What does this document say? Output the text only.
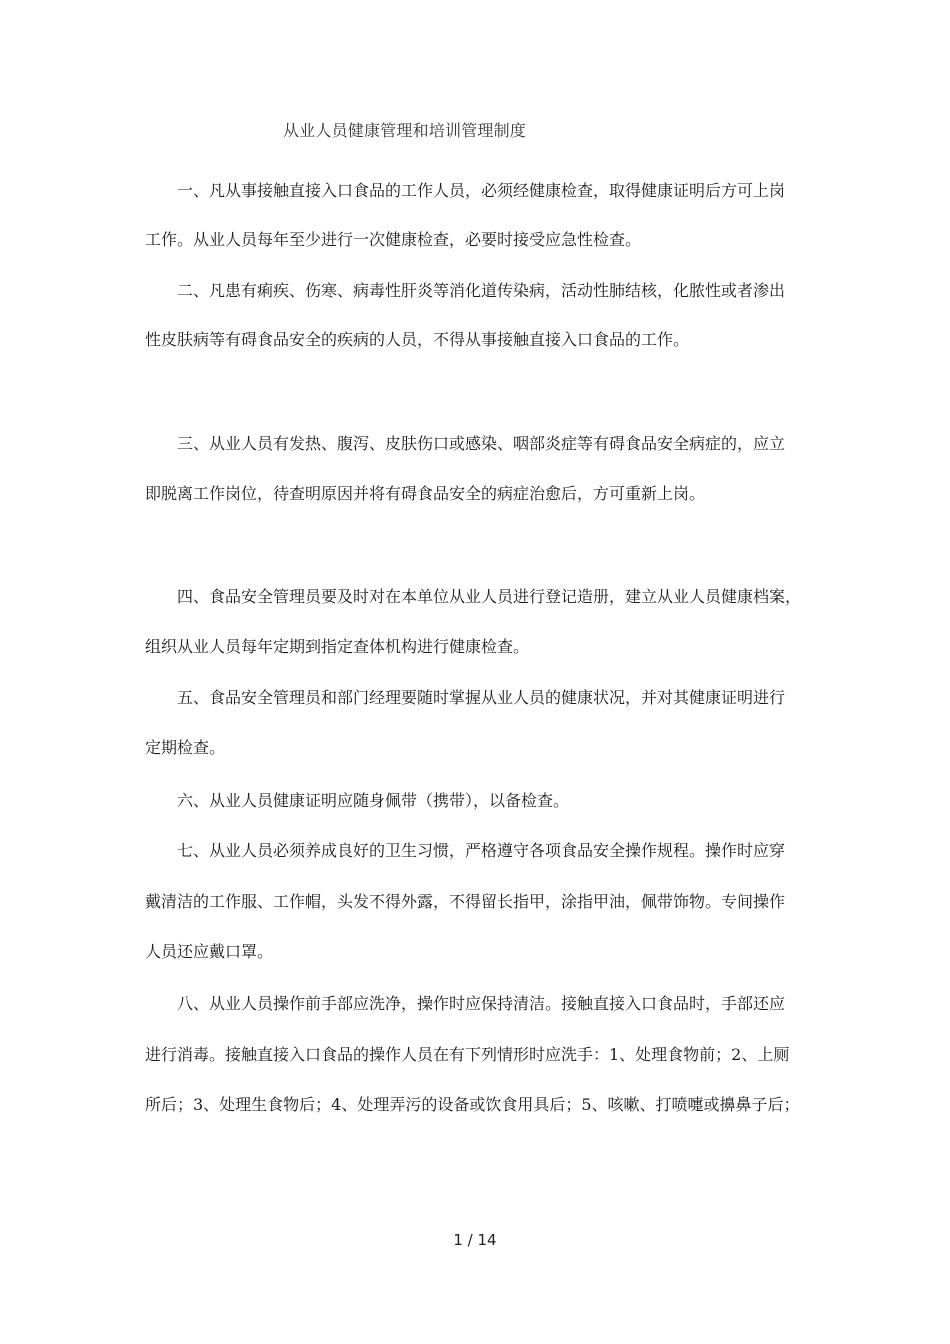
从业人员健康管理和培训管理制度
一、凡从事接触直接入口食品的工作人员，必须经健康检查，取得健康证明后方可上岗
工作。从业人员每年至少进行一次健康检查，必要时接受应急性检查。
二、凡患有痢疾、伤寒、病毒性肝炎等消化道传染病，活动性肺结核，化脓性或者渗出
性皮肤病等有碍食品安全的疾病的人员，不得从事接触直接入口食品的工作。
三、从业人员有发热、腹泻、皮肤伤口或感染、咽部炎症等有碍食品安全病症的，应立
即脱离工作岗位，待查明原因并将有碍食品安全的病症治愈后，方可重新上岗。
四、食品安全管理员要及时对在本单位从业人员进行登记造册，建立从业人员健康档案，
组织从业人员每年定期到指定查体机构进行健康检查。
五、食品安全管理员和部门经理要随时掌握从业人员的健康状况，并对其健康证明进行
定期检查。
六、从业人员健康证明应随身佩带（携带），以备检查。
七、从业人员必须养成良好的卫生习惯，严格遵守各项食品安全操作规程。操作时应穿
戴清洁的工作服、工作帽，头发不得外露，不得留长指甲，涂指甲油，佩带饰物。专间操作
人员还应戴口罩。
八、从业人员操作前手部应洗净，操作时应保持清洁。接触直接入口食品时，手部还应
进行消毒。接触直接入口食品的操作人员在有下列情形时应洗手：1、处理食物前；2、上厕
所后；3、处理生食物后；4、处理弄污的设备或饮食用具后；5、咳嗽、打喷嚏或擤鼻子后；
1 / 14
